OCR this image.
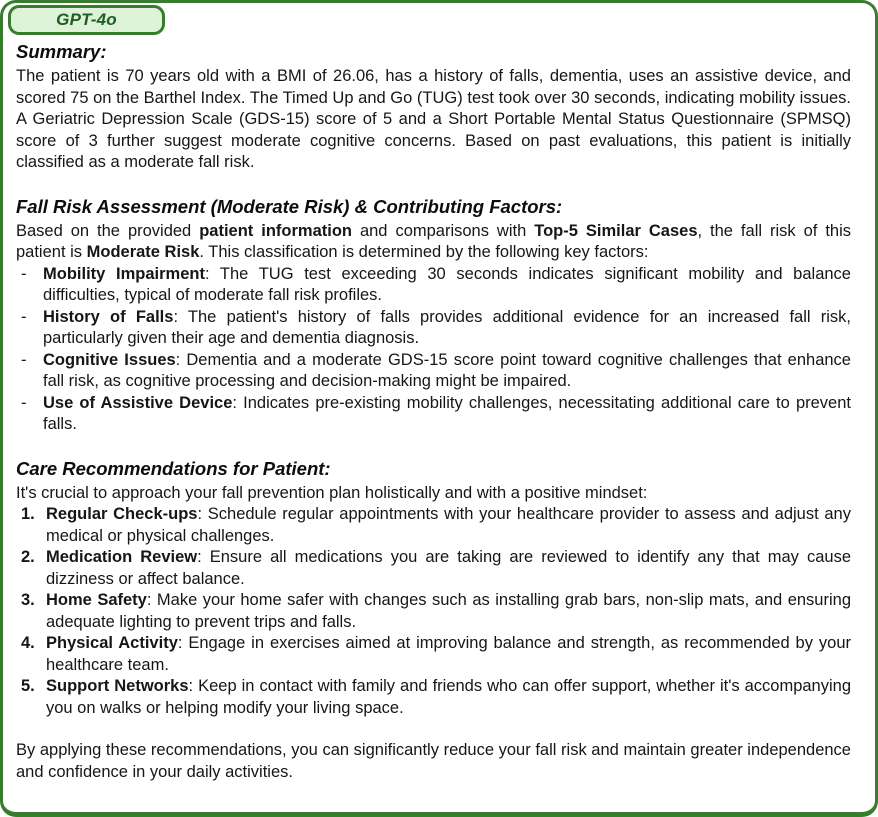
GPT-4o
Summary:

The patient is 70 years old with a BMI of 26.06, has a history of falls, dementia, uses an assistive device, and scored 75 on the Barthel Index. The Timed Up and Go (TUG) test took over 30 seconds, indicating mobility issues. A Geriatric Depression Scale (GDS-15) score of 5 and a Short Portable Mental Status Questionnaire (SPMSQ) score of 3 further suggest moderate cognitive concerns. Based on past evaluations, this patient is initially classified as a moderate fall risk.

Fall Risk Assessment (Moderate Risk) & Contributing Factors:

Based on the provided patient information and comparisons with Top-5 Similar Cases, the fall risk of this patient is Moderate Risk. This classification is determined by the following key factors:

-	Mobility Impairment: The TUG test exceeding 30 seconds indicates significant mobility and balance difficulties, typical of moderate fall risk profiles.
-	History of Falls: The patient's history of falls provides additional evidence for an increased fall risk, particularly given their age and dementia diagnosis.
-	Cognitive Issues: Dementia and a moderate GDS-15 score point toward cognitive challenges that enhance fall risk, as cognitive processing and decision-making might be impaired.
-	Use of Assistive Device: Indicates pre-existing mobility challenges, necessitating additional care to prevent falls.
Care Recommendations for Patient:

It's crucial to approach your fall prevention plan holistically and with a positive mindset:

1. Regular Check-ups: Schedule regular appointments with your healthcare provider to assess and adjust any medical or physical challenges.
2. Medication Review: Ensure all medications you are taking are reviewed to identify any that may cause dizziness or affect balance.
3. Home Safety: Make your home safer with changes such as installing grab bars, non-slip mats, and ensuring adequate lighting to prevent trips and falls.
4. Physical Activity: Engage in exercises aimed at improving balance and strength, as recommended by your healthcare team.
5. Support Networks: Keep in contact with family and friends who can offer support, whether it's accompanying you on walks or helping modify your living space.

By applying these recommendations, you can significantly reduce your fall risk and maintain greater independence and confidence in your daily activities.
